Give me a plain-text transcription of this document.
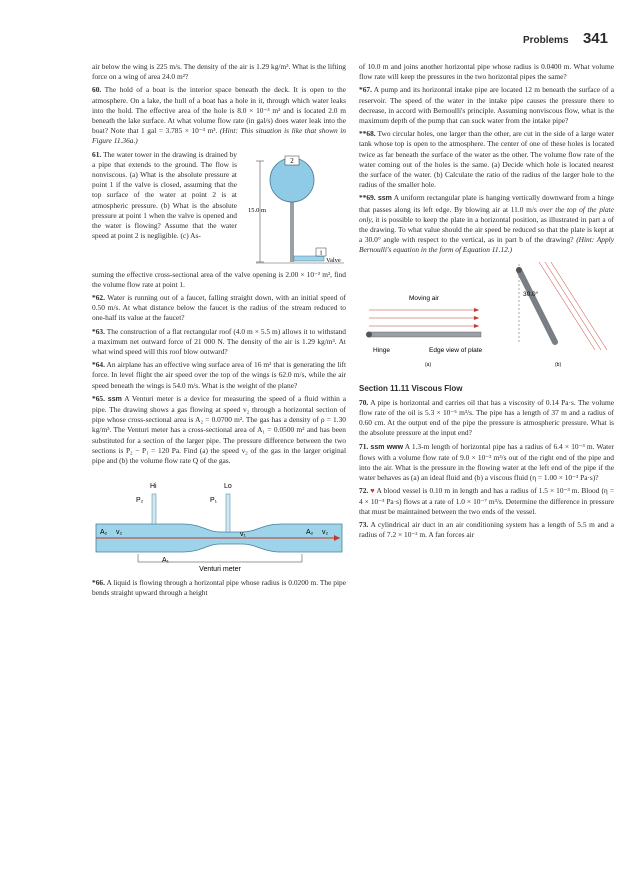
Problems 341

air below the wing is 225 m/s. The density of the air is 1.29 kg/m³. What is the lifting force on a wing of area 24.0 m²?

60. The hold of a boat is the interior space beneath the deck. It is open to the atmosphere. On a lake, the hull of a boat has a hole in it, through which water leaks into the hold. The effective area of the hole is 8.0 × 10⁻³ m² and is located 2.0 m beneath the lake surface. At what volume flow rate (in gal/s) does water leak into the boat? Note that 1 gal = 3.785 × 10⁻³ m³. (Hint: This situation is like that shown in Figure 11.36a.)

61. The water tower in the drawing is drained by a pipe that extends to the ground. The flow is nonviscous. (a) What is the absolute pressure at point 1 if the valve is closed, assuming that the top surface of the water at point 2 is at atmospheric pressure. (b) What is the absolute pressure at point 1 when the valve is opened and the water is flowing? Assume that the water speed at point 2 is negligible. (c) As-
2
15.0 m
1
Valve

suming the effective cross-sectional area of the valve opening is 2.00 × 10⁻² m², find the volume flow rate at point 1.

*62. Water is running out of a faucet, falling straight down, with an initial speed of 0.50 m/s. At what distance below the faucet is the radius of the stream reduced to one-half its value at the faucet?

*63. The construction of a flat rectangular roof (4.0 m × 5.5 m) allows it to withstand a maximum net outward force of 21 000 N. The density of the air is 1.29 kg/m³. At what wind speed will this roof blow outward?

*64. An airplane has an effective wing surface area of 16 m² that is generating the lift force. In level flight the air speed over the top of the wings is 62.0 m/s, while the air speed beneath the wings is 54.0 m/s. What is the weight of the plane?

*65. ssm A Venturi meter is a device for measuring the speed of a fluid within a pipe. The drawing shows a gas flowing at speed v₂ through a horizontal section of pipe whose cross-sectional area is A₂ = 0.0700 m². The gas has a density of ρ = 1.30 kg/m³. The Venturi meter has a cross-sectional area of A₁ = 0.0500 m² and has been substituted for a section of the larger pipe. The pressure difference between the two sections is P₂ − P₁ = 120 Pa. Find (a) the speed v₂ of the gas in the larger original pipe and (b) the volume flow rate Q of the gas.

Hi	Lo
P₂	P₁
A₂ v₂	v₁	A₂ v₂
A₁
Venturi meter

*66. A liquid is flowing through a horizontal pipe whose radius is 0.0200 m. The pipe bends straight upward through a height

of 10.0 m and joins another horizontal pipe whose radius is 0.0400 m. What volume flow rate will keep the pressures in the two horizontal pipes the same?

*67. A pump and its horizontal intake pipe are located 12 m beneath the surface of a reservoir. The speed of the water in the intake pipe causes the pressure there to decrease, in accord with Bernoulli's principle. Assuming nonviscous flow, what is the maximum depth of the pump that can suck water from the intake pipe?

**68. Two circular holes, one larger than the other, are cut in the side of a large water tank whose top is open to the atmosphere. The center of one of these holes is located twice as far beneath the surface of the water as the other. The volume flow rate of the water coming out of the holes is the same. (a) Decide which hole is located nearest the surface of the water. (b) Calculate the ratio of the radius of the larger hole to the radius of the smaller hole.

**69. ssm A uniform rectangular plate is hanging vertically downward from a hinge that passes along its left edge. By blowing air at 11.0 m/s over the top of the plate only, it is possible to keep the plate in a horizontal position, as illustrated in part a of the drawing. To what value should the air speed be reduced so that the plate is kept at a 30.0° angle with respect to the vertical, as in part b of the drawing? (Hint: Apply Bernoulli's equation in the form of Equation 11.12.)

Moving air
Hinge	Edge view of plate
(a)
30.0°
(b)
Section 11.11 Viscous Flow

70. A pipe is horizontal and carries oil that has a viscosity of 0.14 Pa·s. The volume flow rate of the oil is 5.3 × 10⁻⁵ m³/s. The pipe has a length of 37 m and a radius of 0.60 cm. At the output end of the pipe the pressure is atmospheric pressure. What is the absolute pressure at the input end?

71. ssm www A 1.3-m length of horizontal pipe has a radius of 6.4 × 10⁻³ m. Water flows with a volume flow rate of 9.0 × 10⁻³ m³/s out of the right end of the pipe and into the air. What is the pressure in the flowing water at the left end of the pipe if the water behaves as (a) an ideal fluid and (b) a viscous fluid (η = 1.00 × 10⁻³ Pa·s)?

72. ♥ A blood vessel is 0.10 m in length and has a radius of 1.5 × 10⁻³ m. Blood (η = 4 × 10⁻³ Pa·s) flows at a rate of 1.0 × 10⁻⁷ m³/s. Determine the difference in pressure that must be maintained between the two ends of the vessel.

73. A cylindrical air duct in an air conditioning system has a length of 5.5 m and a radius of 7.2 × 10⁻² m. A fan forces air
